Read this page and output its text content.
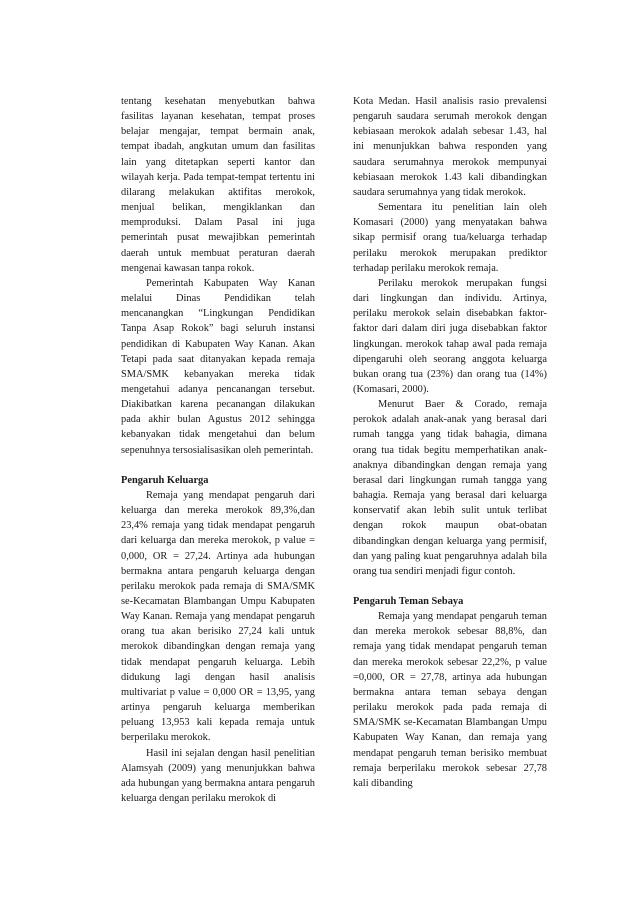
tentang kesehatan menyebutkan bahwa fasilitas layanan kesehatan, tempat proses belajar mengajar, tempat bermain anak, tempat ibadah, angkutan umum dan fasilitas lain yang ditetapkan seperti kantor dan wilayah kerja. Pada tempat-tempat tertentu ini dilarang melakukan aktifitas merokok, menjual belikan, mengiklankan dan memproduksi. Dalam Pasal ini juga pemerintah pusat mewajibkan pemerintah daerah untuk membuat peraturan daerah mengenai kawasan tanpa rokok.

Pemerintah Kabupaten Way Kanan melalui Dinas Pendidikan telah mencanangkan “Lingkungan Pendidikan Tanpa Asap Rokok” bagi seluruh instansi pendidikan di Kabupaten Way Kanan. Akan Tetapi pada saat ditanyakan kepada remaja SMA/SMK kebanyakan mereka tidak mengetahui adanya pencanangan tersebut. Diakibatkan karena pecanangan dilakukan pada akhir bulan Agustus 2012 sehingga kebanyakan tidak mengetahui dan belum sepenuhnya tersosialisasikan oleh pemerintah.

Pengaruh Keluarga

Remaja yang mendapat pengaruh dari keluarga dan mereka merokok 89,3%,dan 23,4% remaja yang tidak mendapat pengaruh dari keluarga dan mereka merokok, p value = 0,000, OR = 27,24. Artinya ada hubungan bermakna antara pengaruh keluarga dengan perilaku merokok pada remaja di SMA/SMK se-Kecamatan Blambangan Umpu Kabupaten Way Kanan. Remaja yang mendapat pengaruh orang tua akan berisiko 27,24 kali untuk merokok dibandingkan dengan remaja yang tidak mendapat pengaruh keluarga. Lebih didukung lagi dengan hasil analisis multivariat p value = 0,000 OR = 13,95, yang artinya pengaruh keluarga memberikan peluang 13,953 kali kepada remaja untuk berperilaku merokok.

Hasil ini sejalan dengan hasil penelitian Alamsyah (2009) yang menunjukkan bahwa ada hubungan yang bermakna antara pengaruh keluarga dengan perilaku merokok di

Kota Medan. Hasil analisis rasio prevalensi pengaruh saudara serumah merokok dengan kebiasaan merokok adalah sebesar 1.43, hal ini menunjukkan bahwa responden yang saudara serumahnya merokok mempunyai kebiasaan merokok 1.43 kali dibandingkan saudara serumahnya yang tidak merokok.

Sementara itu penelitian lain oleh Komasari (2000) yang menyatakan bahwa sikap permisif orang tua/keluarga terhadap perilaku merokok merupakan prediktor terhadap perilaku merokok remaja.

Perilaku merokok merupakan fungsi dari lingkungan dan individu. Artinya, perilaku merokok selain disebabkan faktor-faktor dari dalam diri juga disebabkan faktor lingkungan. merokok tahap awal pada remaja dipengaruhi oleh seorang anggota keluarga bukan orang tua (23%) dan orang tua (14%) (Komasari, 2000).

Menurut Baer & Corado, remaja perokok adalah anak-anak yang berasal dari rumah tangga yang tidak bahagia, dimana orang tua tidak begitu memperhatikan anak-anaknya dibandingkan dengan remaja yang berasal dari lingkungan rumah tangga yang bahagia. Remaja yang berasal dari keluarga konservatif akan lebih sulit untuk terlibat dengan rokok maupun obat-obatan dibandingkan dengan keluarga yang permisif, dan yang paling kuat pengaruhnya adalah bila orang tua sendiri menjadi figur contoh.

Pengaruh Teman Sebaya

Remaja yang mendapat pengaruh teman dan mereka merokok sebesar 88,8%, dan remaja yang tidak mendapat pengaruh teman dan mereka merokok sebesar 22,2%, p value =0,000, OR = 27,78, artinya ada hubungan bermakna antara teman sebaya dengan perilaku merokok pada pada remaja di SMA/SMK se-Kecamatan Blambangan Umpu Kabupaten Way Kanan, dan remaja yang mendapat pengaruh teman berisiko membuat remaja berperilaku merokok sebesar 27,78 kali dibanding
